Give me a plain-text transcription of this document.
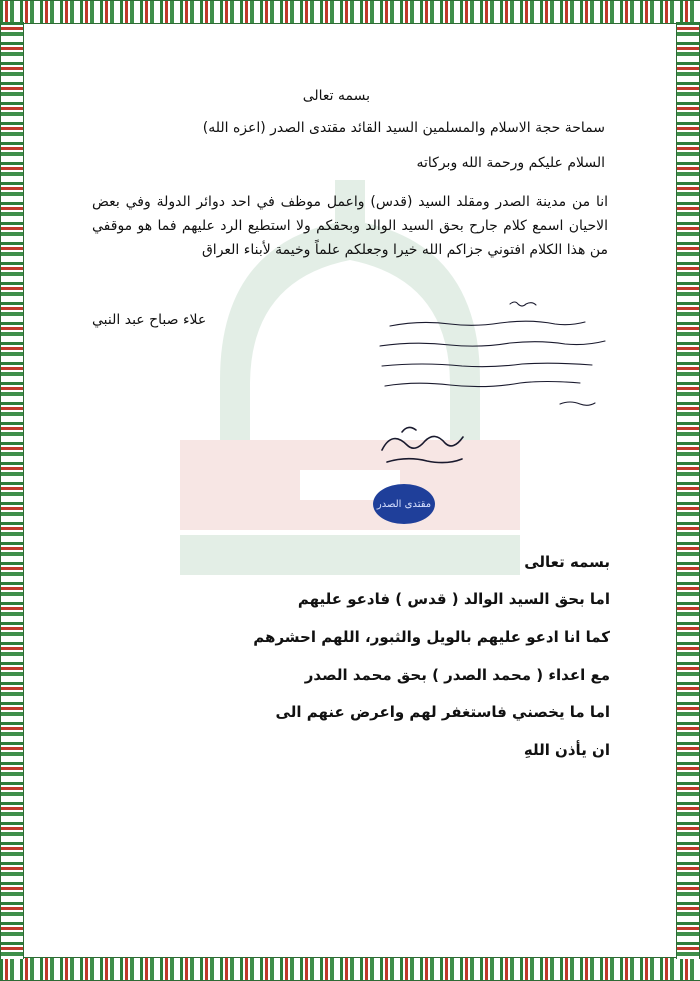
بسمه تعالى
سماحة حجة الاسلام والمسلمين السيد القائد مقتدى الصدر (اعزه الله)
السلام عليكم ورحمة الله وبركاته
انا من مدينة الصدر ومقلد السيد (قدس) واعمل موظف في احد دوائر الدولة وفي بعض الاحيان اسمع كلام جارح بحق السيد الوالد وبحقكم ولا استطيع الرد عليهم فما هو موقفي من هذا الكلام افتوني جزاكم الله خيرا وجعلكم علماً وخيمة لأبناء العراق
علاء صباح عبد النبي
مقتدى الصدر
بسمه تعالى
اما بحق السيد الوالد ( قدس ) فادعو عليهم
كما انا ادعو عليهم بالويل والثبور، اللهم احشرهم
مع اعداء ( محمد الصدر ) بحق محمد الصدر
اما ما يخصني فاستغفر لهم واعرض عنهم الى
ان يأذن اللهِ
